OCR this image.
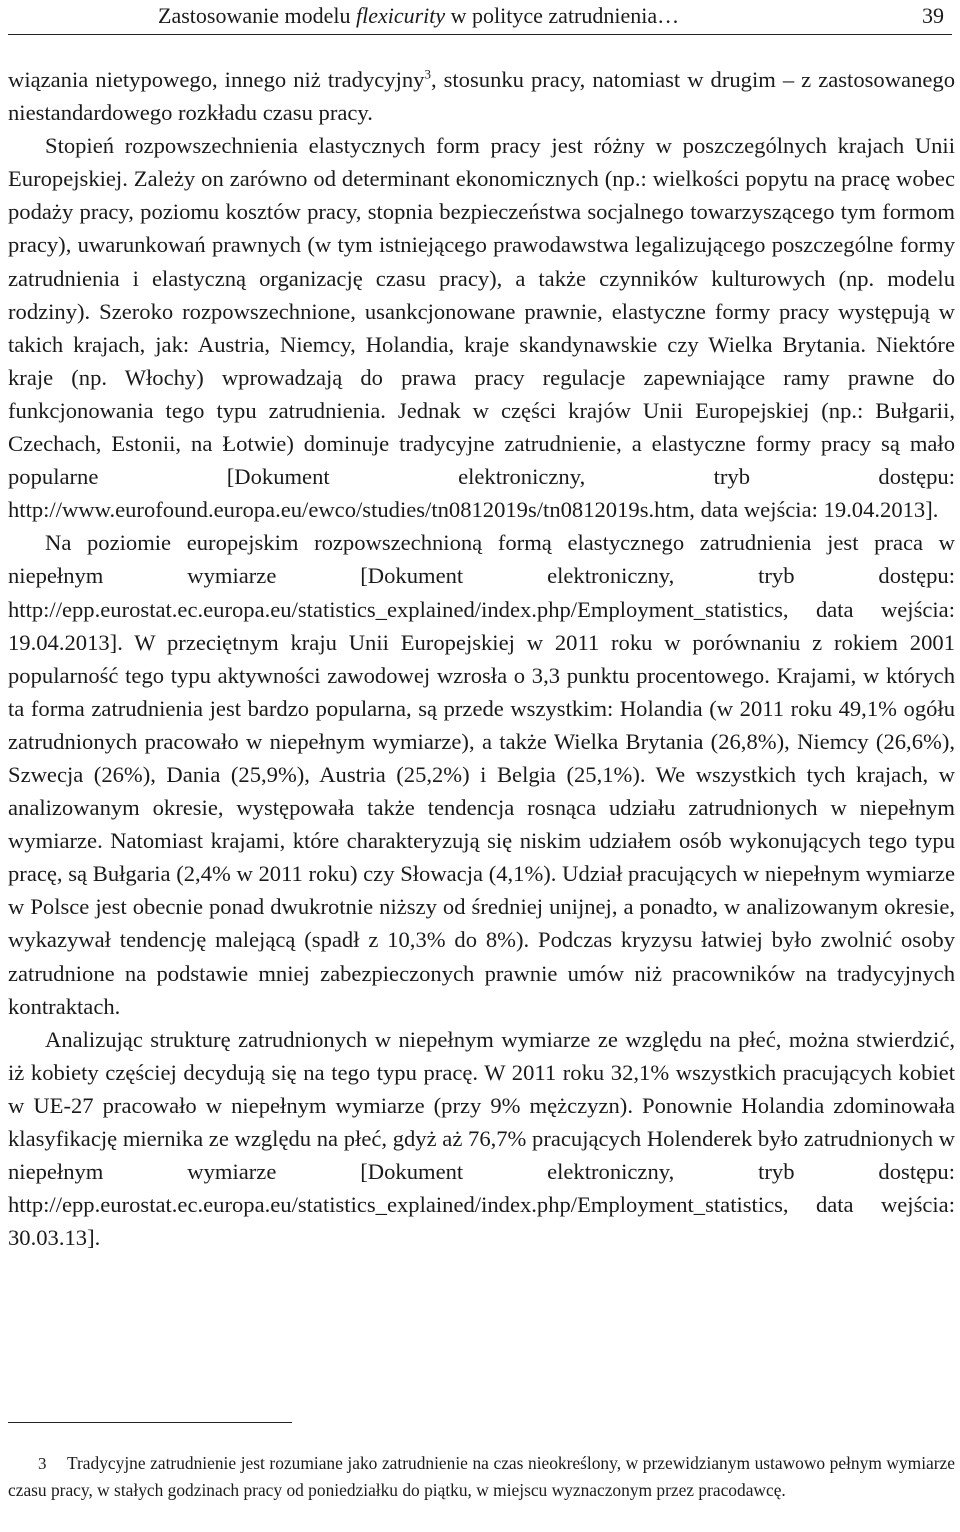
Zastosowanie modelu flexicurity w polityce zatrudnienia…	39

wiązania nietypowego, innego niż tradycyjny$^3$, stosunku pracy, natomiast w drugim – z zastosowanego niestandardowego rozkładu czasu pracy.

Stopień rozpowszechnienia elastycznych form pracy jest różny w poszczególnych krajach Unii Europejskiej. Zależy on zarówno od determinant ekonomicznych (np.: wielkości popytu na pracę wobec podaży pracy, poziomu kosztów pracy, stopnia bezpieczeństwa socjalnego towarzyszącego tym formom pracy), uwarunkowań prawnych (w tym istniejącego prawodawstwa legalizującego poszczególne formy zatrudnienia i elastyczną organizację czasu pracy), a także czynników kulturowych (np. modelu rodziny). Szeroko rozpowszechnione, usankcjonowane prawnie, elastyczne formy pracy występują w takich krajach, jak: Austria, Niemcy, Holandia, kraje skandynawskie czy Wielka Brytania. Niektóre kraje (np. Włochy) wprowadzają do prawa pracy regulacje zapewniające ramy prawne do funkcjonowania tego typu zatrudnienia. Jednak w części krajów Unii Europejskiej (np.: Bułgarii, Czechach, Estonii, na Łotwie) dominuje tradycyjne zatrudnienie, a elastyczne formy pracy są mało popularne [Dokument elektroniczny, tryb dostępu: http://www.eurofound.europa.eu/ewco/studies/tn0812019s/tn0812019s.htm, data wejścia: 19.04.2013].

Na poziomie europejskim rozpowszechnioną formą elastycznego zatrudnienia jest praca w niepełnym wymiarze [Dokument elektroniczny, tryb dostępu: http://epp.eurostat.ec.europa.eu/statistics_explained/index.php/Employment_statistics, data wejścia: 19.04.2013]. W przeciętnym kraju Unii Europejskiej w 2011 roku w porównaniu z rokiem 2001 popularność tego typu aktywności zawodowej wzrosła o 3,3 punktu procentowego. Krajami, w których ta forma zatrudnienia jest bardzo popularna, są przede wszystkim: Holandia (w 2011 roku 49,1% ogółu zatrudnionych pracowało w niepełnym wymiarze), a także Wielka Brytania (26,8%), Niemcy (26,6%), Szwecja (26%), Dania (25,9%), Austria (25,2%) i Belgia (25,1%). We wszystkich tych krajach, w analizowanym okresie, występowała także tendencja rosnąca udziału zatrudnionych w niepełnym wymiarze. Natomiast krajami, które charakteryzują się niskim udziałem osób wykonujących tego typu pracę, są Bułgaria (2,4% w 2011 roku) czy Słowacja (4,1%). Udział pracujących w niepełnym wymiarze w Polsce jest obecnie ponad dwukrotnie niższy od średniej unijnej, a ponadto, w analizowanym okresie, wykazywał tendencję malejącą (spadł z 10,3% do 8%). Podczas kryzysu łatwiej było zwolnić osoby zatrudnione na podstawie mniej zabezpieczonych prawnie umów niż pracowników na tradycyjnych kontraktach.

Analizując strukturę zatrudnionych w niepełnym wymiarze ze względu na płeć, można stwierdzić, iż kobiety częściej decydują się na tego typu pracę. W 2011 roku 32,1% wszystkich pracujących kobiet w UE-27 pracowało w niepełnym wymiarze (przy 9% mężczyzn). Ponownie Holandia zdominowała klasyfikację miernika ze względu na płeć, gdyż aż 76,7% pracujących Holenderek było zatrudnionych w niepełnym wymiarze [Dokument elektroniczny, tryb dostępu: http://epp.eurostat.ec.europa.eu/statistics_explained/index.php/Employment_statistics, data wejścia: 30.03.13].

3 Tradycyjne zatrudnienie jest rozumiane jako zatrudnienie na czas nieokreślony, w przewidzianym ustawowo pełnym wymiarze czasu pracy, w stałych godzinach pracy od poniedziałku do piątku, w miejscu wyznaczonym przez pracodawcę.
